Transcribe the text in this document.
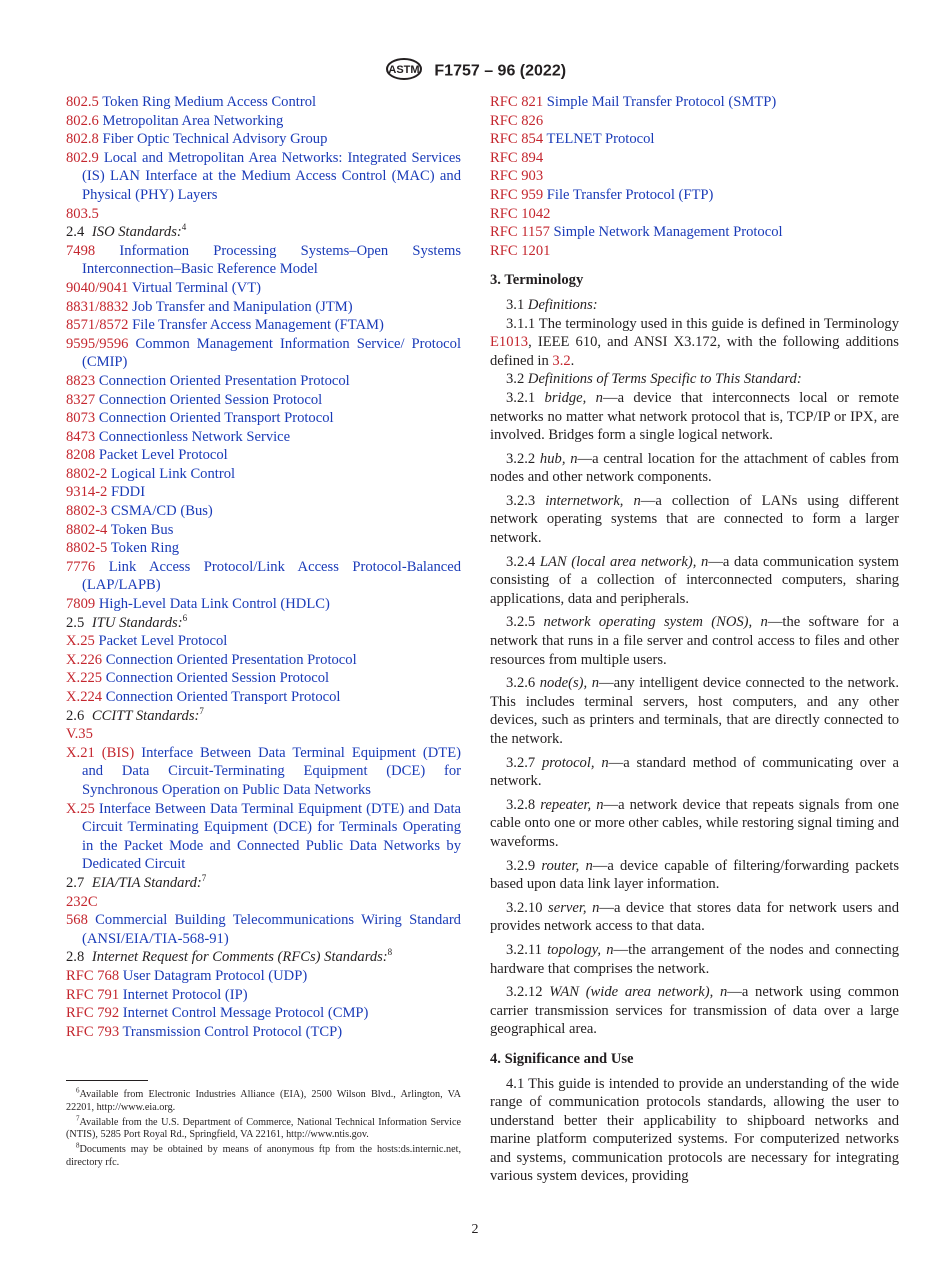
ASTM F1757 – 96 (2022)
802.5 Token Ring Medium Access Control
802.6 Metropolitan Area Networking
802.8 Fiber Optic Technical Advisory Group
802.9 Local and Metropolitan Area Networks: Integrated Services (IS) LAN Interface at the Medium Access Control (MAC) and Physical (PHY) Layers
803.5
2.4 ISO Standards:$^4$
7498 Information Processing Systems–Open Systems Interconnection–Basic Reference Model
9040/9041 Virtual Terminal (VT)
8831/8832 Job Transfer and Manipulation (JTM)
8571/8572 File Transfer Access Management (FTAM)
9595/9596 Common Management Information Service/ Protocol (CMIP)
8823 Connection Oriented Presentation Protocol
8327 Connection Oriented Session Protocol
8073 Connection Oriented Transport Protocol
8473 Connectionless Network Service
8208 Packet Level Protocol
8802-2 Logical Link Control
9314-2 FDDI
8802-3 CSMA/CD (Bus)
8802-4 Token Bus
8802-5 Token Ring
7776 Link Access Protocol/Link Access Protocol-Balanced (LAP/LAPB)
7809 High-Level Data Link Control (HDLC)
2.5 ITU Standards:$^6$
X.25 Packet Level Protocol
X.226 Connection Oriented Presentation Protocol
X.225 Connection Oriented Session Protocol
X.224 Connection Oriented Transport Protocol
2.6 CCITT Standards:$^7$
V.35
X.21 (BIS) Interface Between Data Terminal Equipment (DTE) and Data Circuit-Terminating Equipment (DCE) for Synchronous Operation on Public Data Networks
X.25 Interface Between Data Terminal Equipment (DTE) and Data Circuit Terminating Equipment (DCE) for Terminals Operating in the Packet Mode and Connected Public Data Networks by Dedicated Circuit
2.7 EIA/TIA Standard:$^7$
232C
568 Commercial Building Telecommunications Wiring Standard (ANSI/EIA/TIA-568-91)
2.8 Internet Request for Comments (RFCs) Standards:$^8$
RFC 768 User Datagram Protocol (UDP)
RFC 791 Internet Protocol (IP)
RFC 792 Internet Control Message Protocol (CMP)
RFC 793 Transmission Control Protocol (TCP)
$^6$Available from Electronic Industries Alliance (EIA), 2500 Wilson Blvd., Arlington, VA 22201, http://www.eia.org.
$^7$Available from the U.S. Department of Commerce, National Technical Information Service (NTIS), 5285 Port Royal Rd., Springfield, VA 22161, http://www.ntis.gov.
$^8$Documents may be obtained by means of anonymous ftp from the hosts:ds.internic.net, directory rfc.
RFC 821 Simple Mail Transfer Protocol (SMTP)
RFC 826
RFC 854 TELNET Protocol
RFC 894
RFC 903
RFC 959 File Transfer Protocol (FTP)
RFC 1042
RFC 1157 Simple Network Management Protocol
RFC 1201
3. Terminology
3.1 Definitions:
3.1.1 The terminology used in this guide is defined in Terminology E1013, IEEE 610, and ANSI X3.172, with the following additions defined in 3.2.
3.2 Definitions of Terms Specific to This Standard:
3.2.1 bridge, n—a device that interconnects local or remote networks no matter what network protocol that is, TCP/IP or IPX, are involved. Bridges form a single logical network.
3.2.2 hub, n—a central location for the attachment of cables from nodes and other network components.
3.2.3 internetwork, n—a collection of LANs using different network operating systems that are connected to form a larger network.
3.2.4 LAN (local area network), n—a data communication system consisting of a collection of interconnected computers, sharing applications, data and peripherals.
3.2.5 network operating system (NOS), n—the software for a network that runs in a file server and control access to files and other resources from multiple users.
3.2.6 node(s), n—any intelligent device connected to the network. This includes terminal servers, host computers, and any other devices, such as printers and terminals, that are directly connected to the network.
3.2.7 protocol, n—a standard method of communicating over a network.
3.2.8 repeater, n—a network device that repeats signals from one cable onto one or more other cables, while restoring signal timing and waveforms.
3.2.9 router, n—a device capable of filtering/forwarding packets based upon data link layer information.
3.2.10 server, n—a device that stores data for network users and provides network access to that data.
3.2.11 topology, n—the arrangement of the nodes and connecting hardware that comprises the network.
3.2.12 WAN (wide area network), n—a network using common carrier transmission services for transmission of data over a large geographical area.
4. Significance and Use
4.1 This guide is intended to provide an understanding of the wide range of communication protocols standards, allowing the user to understand better their applicability to shipboard networks and marine platform computerized systems. For computerized networks and systems, communication protocols are necessary for integrating various system devices, providing
2
